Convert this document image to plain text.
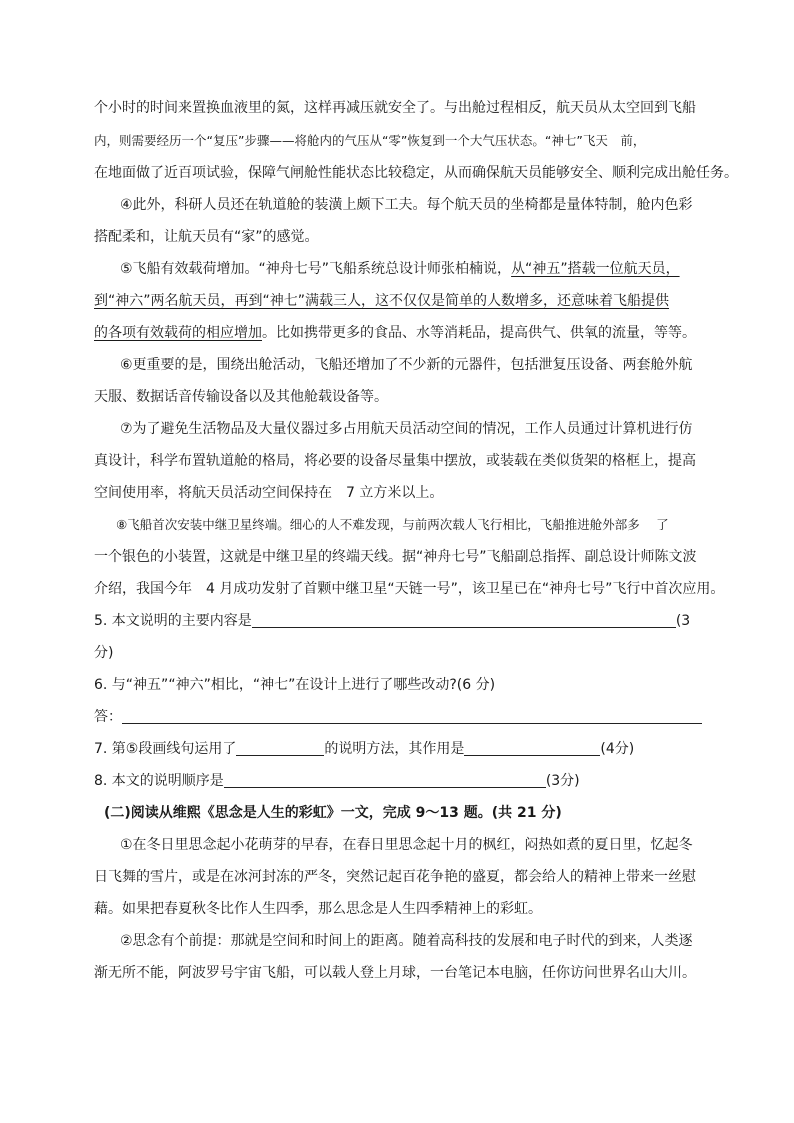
个小时的时间来置换血液里的氮，这样再减压就安全了。与出舱过程相反，航天员从太空回到飞船
内，则需要经历一个“复压”步骤——将舱内的气压从“零”恢复到一个大气压状态。“神七”飞天　前，
在地面做了近百项试验，保障气闸舱性能状态比较稳定，从而确保航天员能够安全、顺利完成出舱任务。
④此外，科研人员还在轨道舱的装潢上颇下工夫。每个航天员的坐椅都是量体特制，舱内色彩
搭配柔和，让航天员有“家”的感觉。
⑤飞船有效载荷增加。“神舟七号”飞船系统总设计师张柏楠说，从“神五”搭载一位航天员，
到“神六”两名航天员，再到“神七”满载三人，这不仅仅是简单的人数增多，还意味着飞船提供
的各项有效载荷的相应增加。比如携带更多的食品、水等消耗品，提高供气、供氧的流量，等等。
⑥更重要的是，围绕出舱活动，飞船还增加了不少新的元器件，包括泄复压设备、两套舱外航
天服、数据话音传输设备以及其他舱载设备等。
⑦为了避免生活物品及大量仪器过多占用航天员活动空间的情况，工作人员通过计算机进行仿
真设计，科学布置轨道舱的格局，将必要的设备尽量集中摆放，或装载在类似货架的格框上，提高
空间使用率，将航天员活动空间保持在　7 立方米以上。
⑧飞船首次安装中继卫星终端。细心的人不难发现，与前两次载人飞行相比，飞船推进舱外部多　 了
一个银色的小装置，这就是中继卫星的终端天线。据“神舟七号”飞船副总指挥、副总设计师陈文波
介绍，我国今年　4 月成功发射了首颗中继卫星“天链一号”，该卫星已在“神舟七号”飞行中首次应用。
5. 本文说明的主要内容是	(3
分)
6. 与“神五”“神六”相比，“神七”在设计上进行了哪些改动?(6 分)
答：
7. 第⑤段画线句运用了	的说明方法，其作用是	(4分)
8. 本文的说明顺序是	(3分)
(二)阅读从维熙《思念是人生的彩虹》一文，完成 9～13 题。(共 21 分)
①在冬日里思念起小花萌芽的早春，在春日里思念起十月的枫红，闷热如煮的夏日里，忆起冬
日飞舞的雪片，或是在冰河封冻的严冬，突然记起百花争艳的盛夏，都会给人的精神上带来一丝慰
藉。如果把春夏秋冬比作人生四季，那么思念是人生四季精神上的彩虹。
②思念有个前提：那就是空间和时间上的距离。随着高科技的发展和电子时代的到来，人类逐
渐无所不能，阿波罗号宇宙飞船，可以载人登上月球，一台笔记本电脑，任你访问世界名山大川。
